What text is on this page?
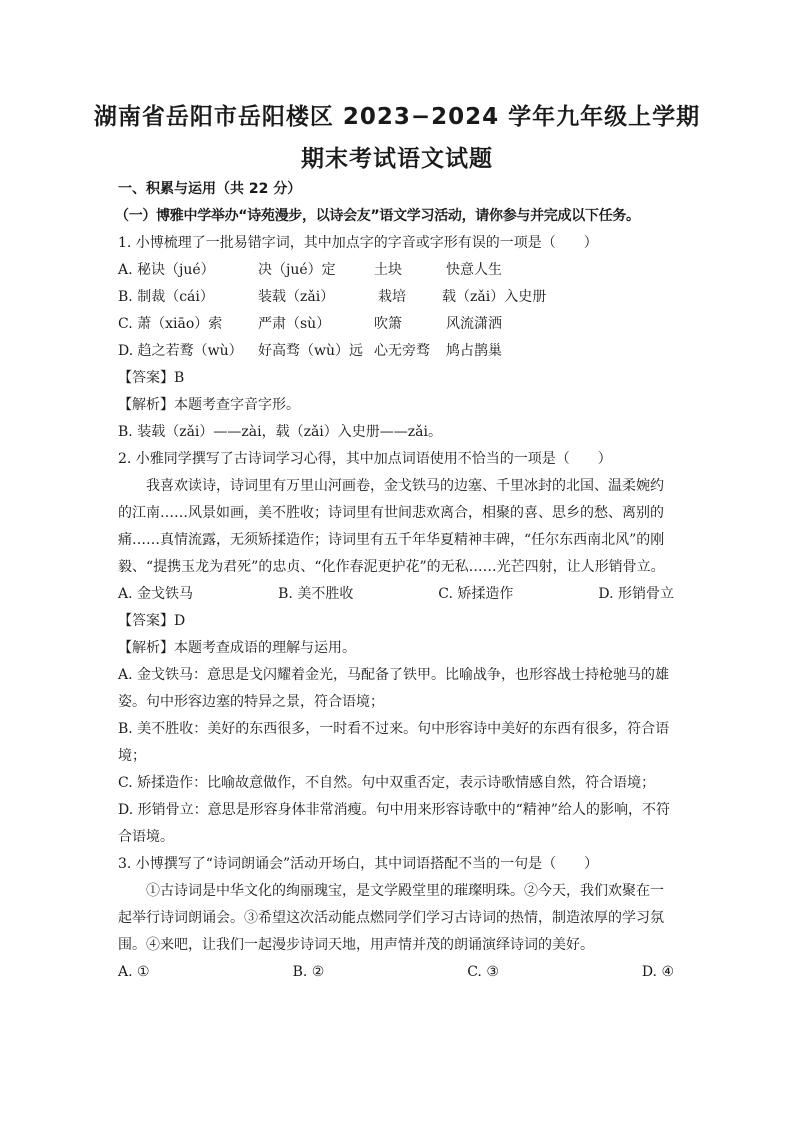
湖南省岳阳市岳阳楼区 2023−2024 学年九年级上学期
期末考试语文试题

一、积累与运用（共 22 分）

（一）博雅中学举办“诗苑漫步，以诗会友”语文学习活动，请你参与并完成以下任务。

1. 小博梳理了一批易错字词，其中加点字的字音或字形有误的一项是（　　）

A. 秘诀（jué）	决（jué）定	土块	快意人生
B. 制裁（cái）	装载（zǎi）	栽培	载（zǎi）入史册
C. 萧（xiāo）索	严肃（sù）	吹箫	风流潇洒
D. 趋之若鹜（wù）	好高骛（wù）远 心无旁骛	鸠占鹊巢

【答案】B

【解析】本题考查字音字形。

B. 装载（zǎi）——zài，载（zǎi）入史册——zǎi。

2. 小雅同学撰写了古诗词学习心得，其中加点词语使用不恰当的一项是（　　）

我喜欢读诗，诗词里有万里山河画卷，金戈铁马的边塞、千里冰封的北国、温柔婉约的江南……风景如画，美不胜收；诗词里有世间悲欢离合，相聚的喜、思乡的愁、离别的痛……真情流露，无须矫揉造作；诗词里有五千年华夏精神丰碑，“任尔东西南北风”的刚毅、“提携玉龙为君死”的忠贞、“化作春泥更护花”的无私……光芒四射，让人形销骨立。

A. 金戈铁马	B. 美不胜收	C. 矫揉造作	D. 形销骨立

【答案】D

【解析】本题考查成语的理解与运用。

A. 金戈铁马：意思是戈闪耀着金光，马配备了铁甲。比喻战争，也形容战士持枪驰马的雄姿。句中形容边塞的特异之景，符合语境；

B. 美不胜收：美好的东西很多，一时看不过来。句中形容诗中美好的东西有很多，符合语境；

C. 矫揉造作：比喻故意做作，不自然。句中双重否定，表示诗歌情感自然，符合语境；

D. 形销骨立：意思是形容身体非常消瘦。句中用来形容诗歌中的“精神”给人的影响，不符合语境。

3. 小博撰写了“诗词朗诵会”活动开场白，其中词语搭配不当的一句是（　　）

①古诗词是中华文化的绚丽瑰宝，是文学殿堂里的璀璨明珠。②今天，我们欢聚在一起举行诗词朗诵会。③希望这次活动能点燃同学们学习古诗词的热情，制造浓厚的学习氛围。④来吧，让我们一起漫步诗词天地，用声情并茂的朗诵演绎诗词的美好。

A. ①	B. ②	C. ③	D. ④
